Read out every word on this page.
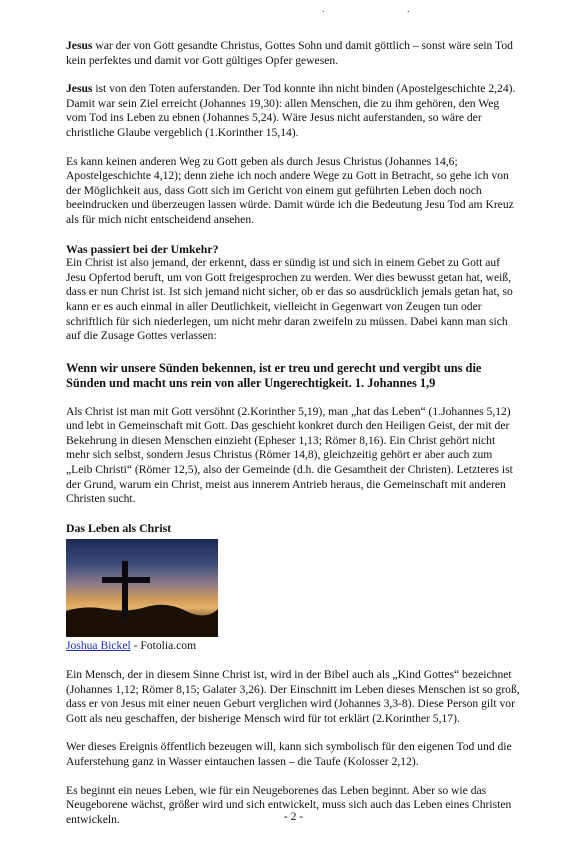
. .

Jesus war der von Gott gesandte Christus, Gottes Sohn und damit göttlich – sonst wäre sein Tod kein perfektes und damit vor Gott gültiges Opfer gewesen.

Jesus ist von den Toten auferstanden. Der Tod konnte ihn nicht binden (Apostelgeschichte 2,24). Damit war sein Ziel erreicht (Johannes 19,30): allen Menschen, die zu ihm gehören, den Weg vom Tod ins Leben zu ebnen (Johannes 5,24). Wäre Jesus nicht auferstanden, so wäre der christliche Glaube vergeblich (1.Korinther 15,14).

Es kann keinen anderen Weg zu Gott geben als durch Jesus Christus (Johannes 14,6; Apostelgeschichte 4,12); denn ziehe ich noch andere Wege zu Gott in Betracht, so gehe ich von der Möglichkeit aus, dass Gott sich im Gericht von einem gut geführten Leben doch noch beeindrucken und überzeugen lassen würde. Damit würde ich die Bedeutung Jesu Tod am Kreuz als für mich nicht entscheidend ansehen.

Was passiert bei der Umkehr?

Ein Christ ist also jemand, der erkennt, dass er sündig ist und sich in einem Gebet zu Gott auf Jesu Opfertod beruft, um von Gott freigesprochen zu werden. Wer dies bewusst getan hat, weiß, dass er nun Christ ist. Ist sich jemand nicht sicher, ob er das so ausdrücklich jemals getan hat, so kann er es auch einmal in aller Deutlichkeit, vielleicht in Gegenwart von Zeugen tun oder schriftlich für sich niederlegen, um nicht mehr daran zweifeln zu müssen. Dabei kann man sich auf die Zusage Gottes verlassen:

Wenn wir unsere Sünden bekennen, ist er treu und gerecht und vergibt uns die Sünden und macht uns rein von aller Ungerechtigkeit. 1. Johannes 1,9

Als Christ ist man mit Gott versöhnt (2.Korinther 5,19), man „hat das Leben“ (1.Johannes 5,12) und lebt in Gemeinschaft mit Gott. Das geschieht konkret durch den Heiligen Geist, der mit der Bekehrung in diesen Menschen einzieht (Epheser 1,13; Römer 8,16). Ein Christ gehört nicht mehr sich selbst, sondern Jesus Christus (Römer 14,8), gleichzeitig gehört er aber auch zum „Leib Christi“ (Römer 12,5), also der Gemeinde (d.h. die Gesamtheit der Christen). Letzteres ist der Grund, warum ein Christ, meist aus innerem Antrieb heraus, die Gemeinschaft mit anderen Christen sucht.

Das Leben als Christ

Joshua Bickel - Fotolia.com

Ein Mensch, der in diesem Sinne Christ ist, wird in der Bibel auch als „Kind Gottes“ bezeichnet (Johannes 1,12; Römer 8,15; Galater 3,26). Der Einschnitt im Leben dieses Menschen ist so groß, dass er von Jesus mit einer neuen Geburt verglichen wird (Johannes 3,3-8). Diese Person gilt vor Gott als neu geschaffen, der bisherige Mensch wird für tot erklärt (2.Korinther 5,17).

Wer dieses Ereignis öffentlich bezeugen will, kann sich symbolisch für den eigenen Tod und die Auferstehung ganz in Wasser eintauchen lassen – die Taufe (Kolosser 2,12).

Es beginnt ein neues Leben, wie für ein Neugeborenes das Leben beginnt. Aber so wie das Neugeborene wächst, größer wird und sich entwickelt, muss sich auch das Leben eines Christen entwickeln.	- 2 -
